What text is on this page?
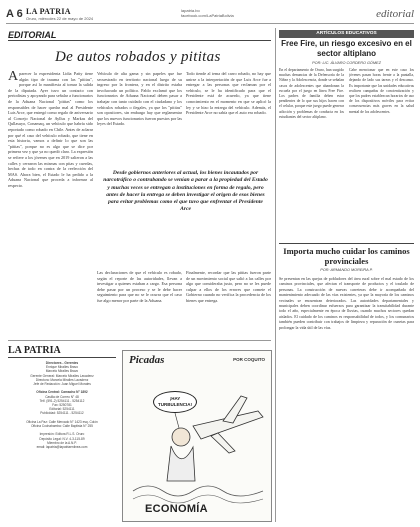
A 6 LA PATRIA
Oruro, miércoles 22 de mayo de 2024
lapatria.bo
facebook.com/LaPatriaBolivia	editorial
EDITORIAL
De autos robados y pititas
Aparecer la expresidenta Lidia Patty tiene algún tipo de trauma con las "pititas", porque así lo manifiesta al tomar la salida de la diputada. Ayer tuvo un contacto con periodistas y apoyando para señalar a funcionarios de la Aduana Nacional "pititas" como los responsables de hacer quedar mal al Presidente Luis Arce, que entregó como regalo de aniversario al Concejo Nacional de Ayllus y Markas del Qullasuyo, Conamaq, un vehículo que habría sido reportado como robado en Chile. Antes de aclarar por qué el caso del vehículo robado, que tiene en esta historia, vamos a definir lo que son las "pititas", porque no es algo que se dice por primera vez y que ya no quedó claro. La expresión se refiere a los jóvenes que en 2019 salieron a las calles y cerraron las mismas con pitas y cuerdas, hechas de todo en contra de la reelección del MAS. Ahora bien, el Estado le ha pedido a la Aduana Nacional que proceda a informar al respecto.
Vehículo de alta gama y sin papeles que fue secuestrado en territorio nacional luego de su ingreso por la frontera, y en el distrito estaba involucrado un político. Pablo exclamó que los funcionarios de Aduana Nacional deben pasar a trabajar con tanto cuidado con el ciudadano y los vehículos robados o ilegales, ya que los "pititas" son opositores, sin embargo hay que reglamentar que los nuevos funcionarios fueron puestos por las leyes del Estado.
Todo tiende al tema del carro robado, no hay que unirse a la interpretación de que Luis Arce fue a entregar a las personas que reclaman por el vehículo, se le ha identificado para que el Presidente está de acuerdo, ya que tiene conocimiento en el momento en que se aplicó la ley y se hizo la entrega del vehículo. Además, el Presidente Arce no sabía que el auto era robado.
Desde gobiernos anteriores al actual, los bienes incautados por narcotráfico o contrabando se venían a parar a la propiedad del Estado y muchas veces se entregan a instituciones en forma de regalo, pero antes de hacer la entrega se deben investigar el origen de esos bienes para evitar problemas como el que tuvo que enfrentar el Presidente Arce
Las declaraciones de que el vehículo es robado, según el reporte de las autoridades, llevan a investigar a quienes estaban a cargo. Esa persona debe pasar por un proceso y se le debe hacer seguimiento para que no se le ocurra que el caso fue algo menor por parte de la Aduana.
Finalmente, recordar que las pititas fueron parte de un movimiento social que salió a las calles por algo que consideraba justo, pero no se les puede culpar a ellos de los errores que comete el Gobierno cuando no verifica la procedencia de los bienes que entrega.
LA PATRIA

Directores - Gerentes

Enrique Miralles Bravo

Marcelo Miralles Bravo

Gerente General: Marcelo Miralles Lavadenz

Directora: Marcela Miralles Lavadenz

Jefe de Redacción: Juan Miguel Morales

Oficina Central: Camacho N° 1892

Casilla de Correo N° 48

Telf. (591-2) 5254111 - 5254112

Fax: 5250781

Editorial: 5254111

Publicidad: 5254111 - 5254112

Oficina La Paz: Calle Mercado N° 1423 esq. Colón

Oficina Cochabamba: Calle Baptista N° 255

Impresión: Editora R.L.S. Oruro

Depósito Legal: N.V. 4-3-115-89

Miembro de la A.N.P.

email: lapatria@lapatriaenlinea.com

Picadas	POR COQUITO
¡HAY TURBULENCIA!
ECONOMÍA
ARTÍCULOS EDUCATIVOS
Free Fire, un riesgo excesivo en el sector altiplano
POR: LIC. ÁLVARO CORDERO GÓMEZ
En el departamento de Oruro, han surgido muchas denuncias de la Defensoría de la Niñez y la Adolescencia, donde se señalan casos de adolescentes que abandonan la escuela por el juego en línea Free Fire. Los padres de familia deben estar pendientes de lo que sus hijos hacen con el celular, porque este juego puede generar adicción y problemas de conducta en los estudiantes del sector altiplano.
Cabe mencionar que en este caso los jóvenes pasan horas frente a la pantalla, dejando de lado sus tareas y el descanso. Es importante que las unidades educativas realicen campañas de concientización y que los padres establezcan horarios de uso de los dispositivos móviles para evitar consecuencias más graves en la salud mental de los adolescentes.
Importa mucho cuidar los caminos provinciales
POR: ARMANDO MOREIRA P.
Se presentan en las quejas de pobladores del área rural sobre el mal estado de los caminos provinciales, que afectan el transporte de productos y el traslado de personas. La construcción de nuevas carreteras debe ir acompañada del mantenimiento adecuado de las vías existentes, ya que la mayoría de los caminos vecinales se encuentran deteriorados. Las autoridades departamentales y municipales deben coordinar esfuerzos para garantizar la transitabilidad durante todo el año, especialmente en época de lluvias, cuando muchos sectores quedan aislados. El cuidado de los caminos es responsabilidad de todos, y los comunarios también pueden contribuir con trabajos de limpieza y reparación de cunetas para prolongar la vida útil de las vías.
